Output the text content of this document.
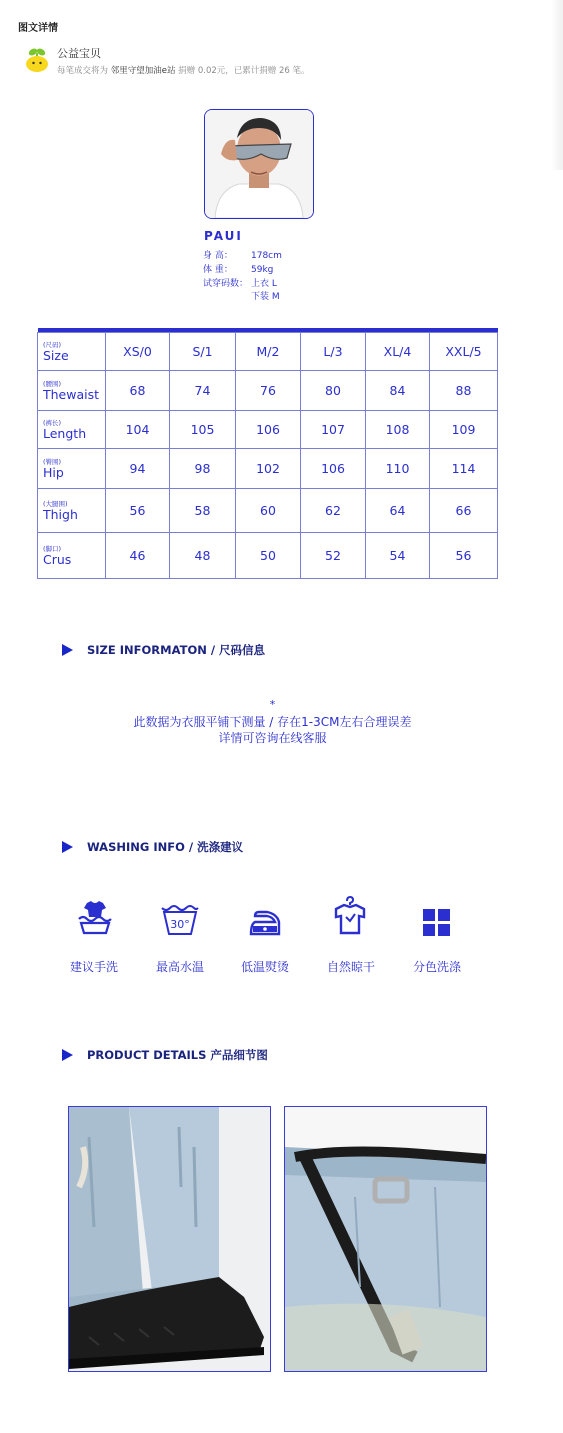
图文详情
公益宝贝
每笔成交将为 邻里守望加油e站 捐赠 0.02元，已累计捐赠 26 笔。
PAUI
身 高： 178cm
体 重： 59kg
试穿码数： 上衣 L
下装 M

(尺码)
Size	XS/0	S/1	M/2	L/3	XL/4	XXL/5

(腰围)
Thewaist	68	74	76	80	84	88

(裤长)
Length	104	105	106	107	108	109

(臀围)
Hip	94	98	102	106	110	114

(大腿围)
Thigh	56	58	60	62	64	66

(脚口)
Crus	46	48	50	52	54	56
SIZE INFORMATON / 尺码信息
*
此数据为衣服平铺下测量 / 存在1-3CM左右合理误差
详情可咨询在线客服
WASHING INFO / 洗涤建议
30°
建议手洗	最高水温	低温熨烫	自然晾干	分色洗涤
PRODUCT DETAILS 产品细节图
